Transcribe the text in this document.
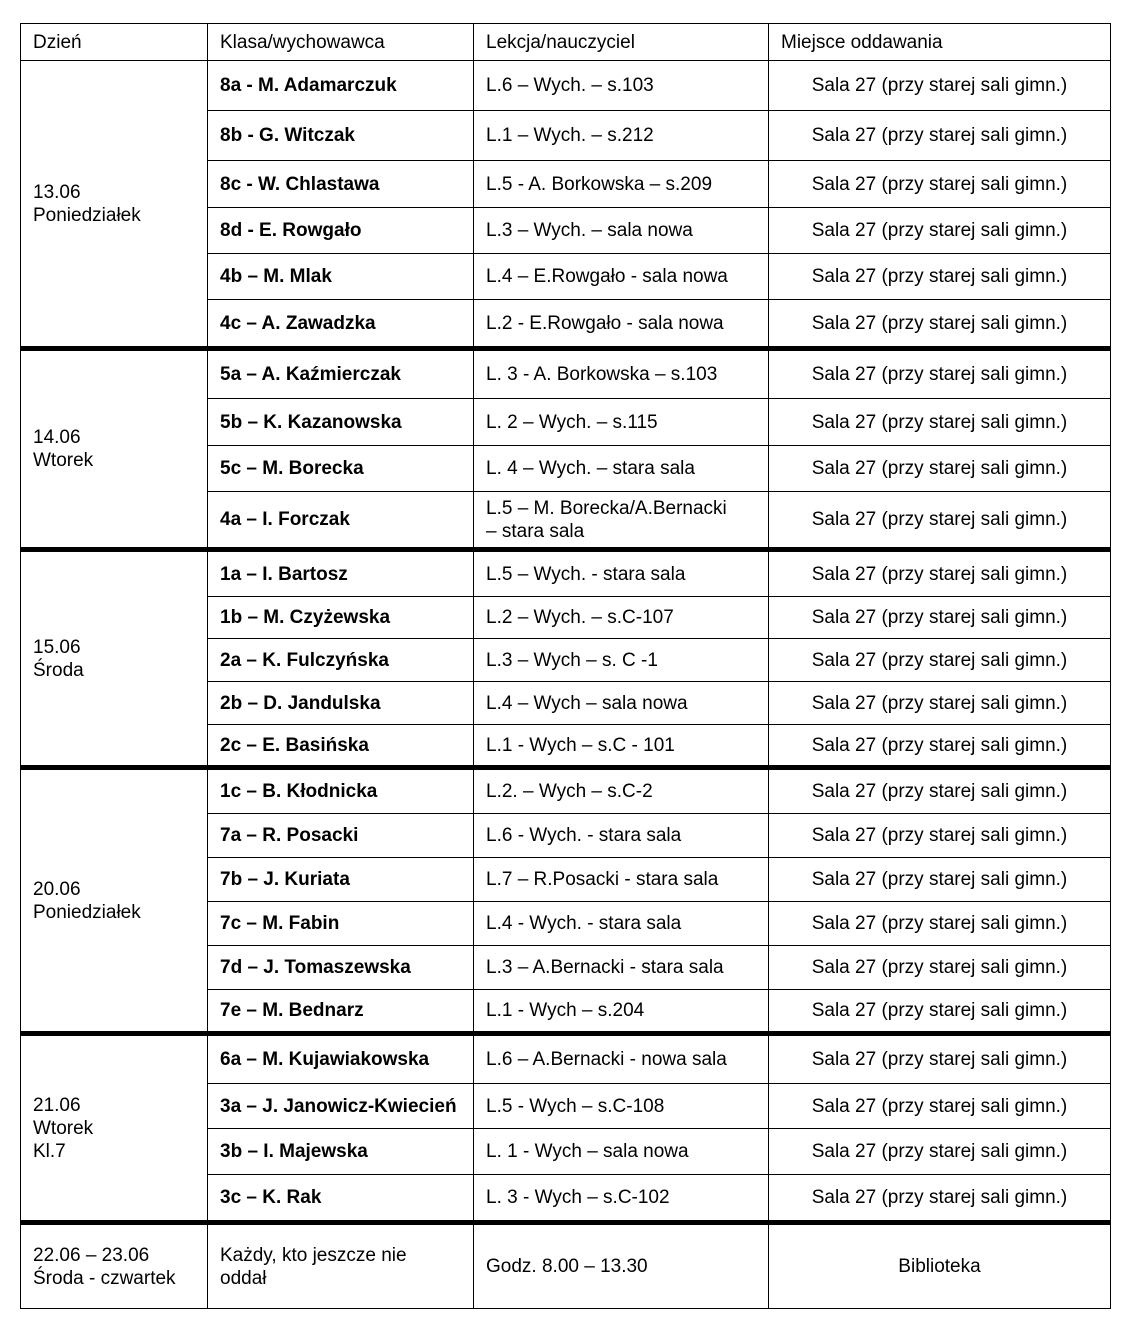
Dzień	Klasa/wychowawca	Lekcja/nauczyciel	Miejsce oddawania

13.06
Poniedziałek	8a - M. Adamarczuk	L.6 – Wych. – s.103	Sala 27 (przy starej sali gimn.)
	8b - G. Witczak	L.1 – Wych. – s.212	Sala 27 (przy starej sali gimn.)
	8c - W. Chlastawa	L.5 - A. Borkowska – s.209	Sala 27 (przy starej sali gimn.)
	8d - E. Rowgało	L.3 – Wych. – sala nowa	Sala 27 (przy starej sali gimn.)
	4b – M. Mlak	L.4 – E.Rowgało - sala nowa	Sala 27 (przy starej sali gimn.)
	4c – A. Zawadzka	L.2 - E.Rowgało - sala nowa	Sala 27 (przy starej sali gimn.)

14.06
Wtorek	5a – A. Kaźmierczak	L. 3 - A. Borkowska – s.103	Sala 27 (przy starej sali gimn.)
	5b – K. Kazanowska	L. 2 – Wych. – s.115	Sala 27 (przy starej sali gimn.)
	5c – M. Borecka	L. 4 – Wych. – stara sala	Sala 27 (przy starej sali gimn.)
	4a – I. Forczak	L.5 – M. Borecka/A.Bernacki
– stara sala	Sala 27 (przy starej sali gimn.)

15.06
Środa	1a – I. Bartosz	L.5 – Wych. - stara sala	Sala 27 (przy starej sali gimn.)
	1b – M. Czyżewska	L.2 – Wych. – s.C-107	Sala 27 (przy starej sali gimn.)
	2a – K. Fulczyńska	L.3 – Wych – s. C -1	Sala 27 (przy starej sali gimn.)
	2b – D. Jandulska	L.4 – Wych – sala nowa	Sala 27 (przy starej sali gimn.)
	2c – E. Basińska	L.1 - Wych – s.C - 101	Sala 27 (przy starej sali gimn.)

20.06
Poniedziałek	1c – B. Kłodnicka	L.2. – Wych – s.C-2	Sala 27 (przy starej sali gimn.)
	7a – R. Posacki	L.6 - Wych. - stara sala	Sala 27 (przy starej sali gimn.)
	7b – J. Kuriata	L.7 – R.Posacki - stara sala	Sala 27 (przy starej sali gimn.)
	7c – M. Fabin	L.4 - Wych. - stara sala	Sala 27 (przy starej sali gimn.)
	7d – J. Tomaszewska	L.3 – A.Bernacki - stara sala	Sala 27 (przy starej sali gimn.)
	7e – M. Bednarz	L.1 - Wych – s.204	Sala 27 (przy starej sali gimn.)

21.06
Wtorek
Kl.7	6a – M. Kujawiakowska	L.6 – A.Bernacki - nowa sala	Sala 27 (przy starej sali gimn.)
	3a – J. Janowicz-Kwiecień	L.5 - Wych – s.C-108	Sala 27 (przy starej sali gimn.)
	3b – I. Majewska	L. 1 - Wych – sala nowa	Sala 27 (przy starej sali gimn.)
	3c – K. Rak	L. 3 - Wych – s.C-102	Sala 27 (przy starej sali gimn.)

22.06 – 23.06
Środa - czwartek	Każdy, kto jeszcze nie
oddał	Godz. 8.00 – 13.30	Biblioteka
